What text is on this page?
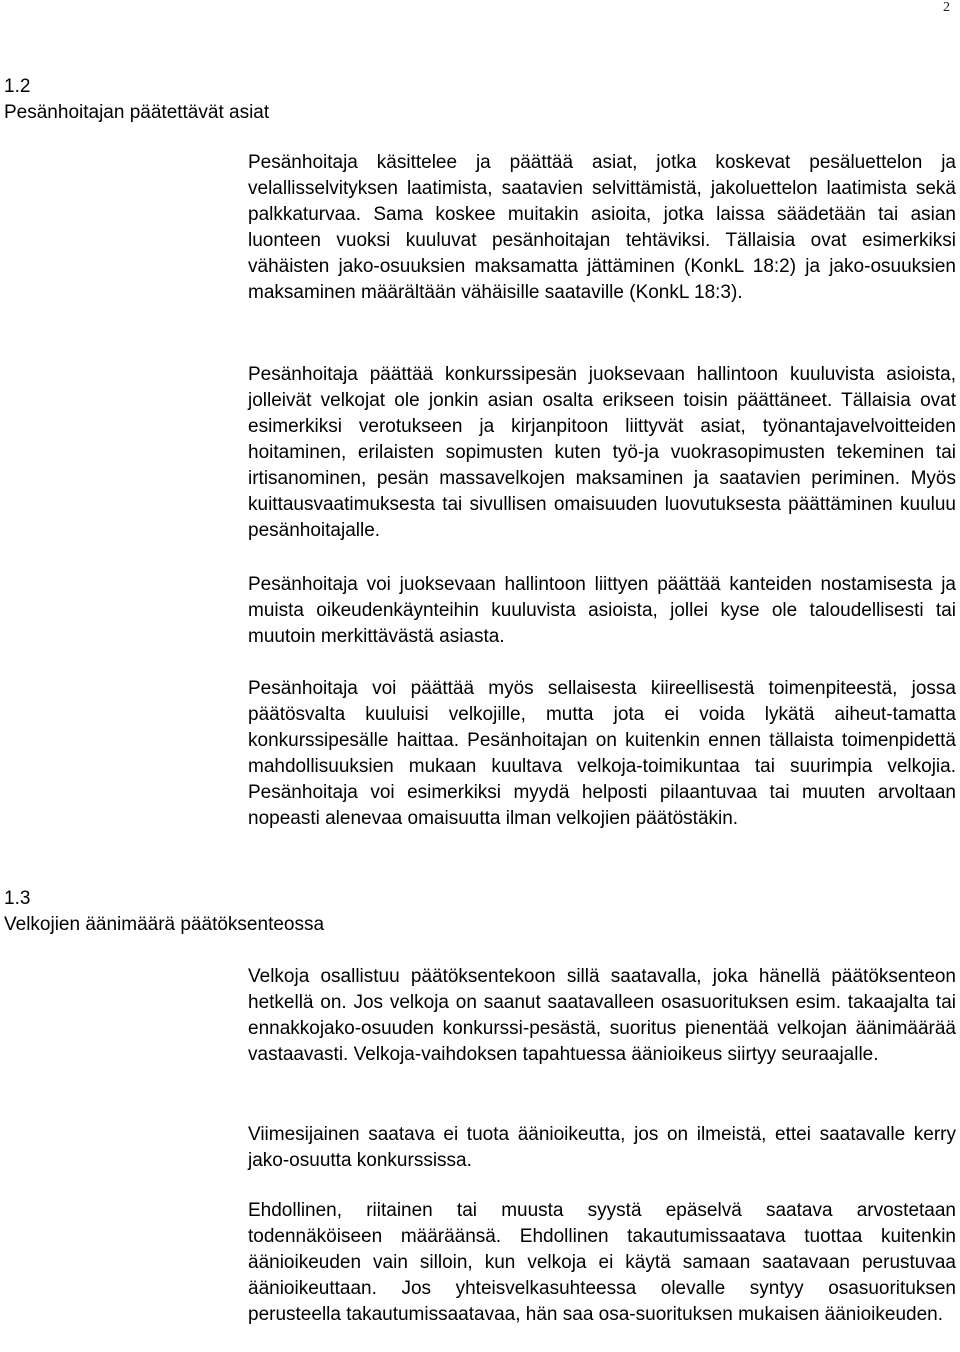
2
1.2
Pesänhoitajan päätettävät asiat

Pesänhoitaja käsittelee ja päättää asiat, jotka koskevat pesäluettelon ja velallisselvityksen laatimista, saatavien selvittämistä, jakoluettelon laatimista sekä palkkaturvaa. Sama koskee muitakin asioita, jotka laissa säädetään tai asian luonteen vuoksi kuuluvat pesänhoitajan tehtäviksi. Tällaisia ovat esimerkiksi vähäisten jako-osuuksien maksamatta jättäminen (KonkL 18:2) ja jako-osuuksien maksaminen määrältään vähäisille saataville (KonkL 18:3).

Pesänhoitaja päättää konkurssipesän juoksevaan hallintoon kuuluvista asioista, jolleivät velkojat ole jonkin asian osalta erikseen toisin päättäneet. Tällaisia ovat esimerkiksi verotukseen ja kirjanpitoon liittyvät asiat, työnantajavelvoitteiden hoitaminen, erilaisten sopimusten kuten työ-ja vuokrasopimusten tekeminen tai irtisanominen, pesän massavelkojen maksaminen ja saatavien periminen. Myös kuittausvaatimuksesta tai sivullisen omaisuuden luovutuksesta päättäminen kuuluu pesänhoitajalle.

Pesänhoitaja voi juoksevaan hallintoon liittyen päättää kanteiden nostamisesta ja muista oikeudenkäynteihin kuuluvista asioista, jollei kyse ole taloudellisesti tai muutoin merkittävästä asiasta.

Pesänhoitaja voi päättää myös sellaisesta kiireellisestä toimenpiteestä, jossa päätösvalta kuuluisi velkojille, mutta jota ei voida lykätä aiheut-tamatta konkurssipesälle haittaa. Pesänhoitajan on kuitenkin ennen tällaista toimenpidettä mahdollisuuksien mukaan kuultava velkoja-toimikuntaa tai suurimpia velkojia. Pesänhoitaja voi esimerkiksi myydä helposti pilaantuvaa tai muuten arvoltaan nopeasti alenevaa omaisuutta ilman velkojien päätöstäkin.

1.3
Velkojien äänimäärä päätöksenteossa

Velkoja osallistuu päätöksentekoon sillä saatavalla, joka hänellä päätöksenteon hetkellä on. Jos velkoja on saanut saatavalleen osasuorituksen esim. takaajalta tai ennakkojako-osuuden konkurssi-pesästä, suoritus pienentää velkojan äänimäärää vastaavasti. Velkoja-vaihdoksen tapahtuessa äänioikeus siirtyy seuraajalle.

Viimesijainen saatava ei tuota äänioikeutta, jos on ilmeistä, ettei saatavalle kerry jako-osuutta konkurssissa.

Ehdollinen, riitainen tai muusta syystä epäselvä saatava arvostetaan todennäköiseen määräänsä. Ehdollinen takautumissaatava tuottaa kuitenkin äänioikeuden vain silloin, kun velkoja ei käytä samaan saatavaan perustuvaa äänioikeuttaan. Jos yhteisvelkasuhteessa olevalle syntyy osasuorituksen perusteella takautumissaatavaa, hän saa osa-suorituksen mukaisen äänioikeuden.
